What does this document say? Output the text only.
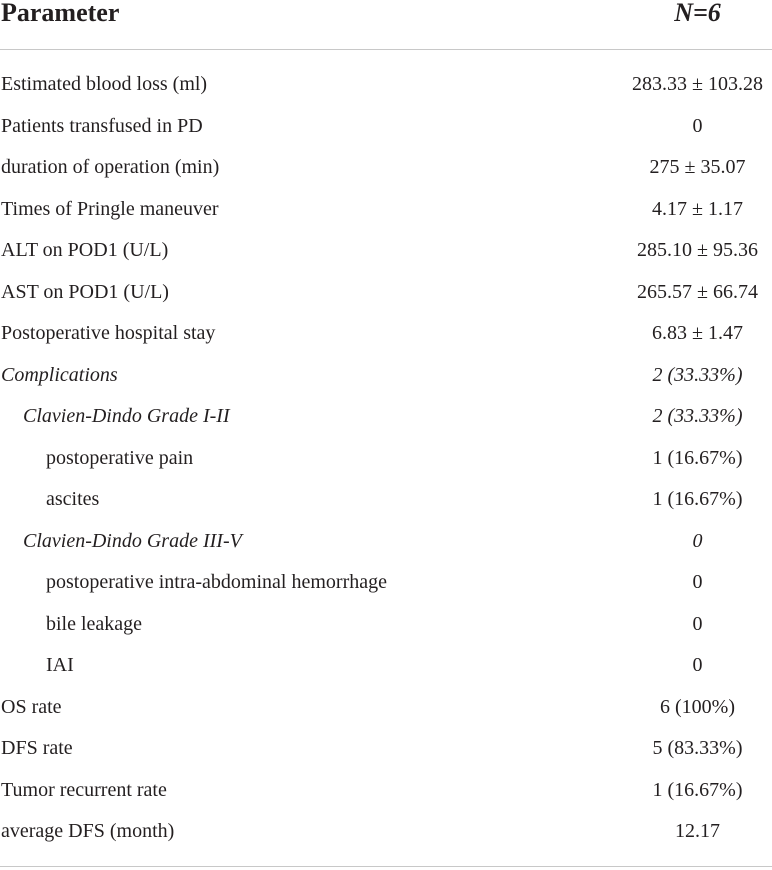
Parameter	N=6
Estimated blood loss (ml)	283.33 ± 103.28
Patients transfused in PD	0
duration of operation (min)	275 ± 35.07
Times of Pringle maneuver	4.17 ± 1.17
ALT on POD1 (U/L)	285.10 ± 95.36
AST on POD1 (U/L)	265.57 ± 66.74
Postoperative hospital stay	6.83 ± 1.47
Complications	2 (33.33%)
Clavien-Dindo Grade I-II	2 (33.33%)
postoperative pain	1 (16.67%)
ascites	1 (16.67%)
Clavien-Dindo Grade III-V	0
postoperative intra-abdominal hemorrhage	0
bile leakage	0
IAI	0
OS rate	6 (100%)
DFS rate	5 (83.33%)
Tumor recurrent rate	1 (16.67%)
average DFS (month)	12.17
